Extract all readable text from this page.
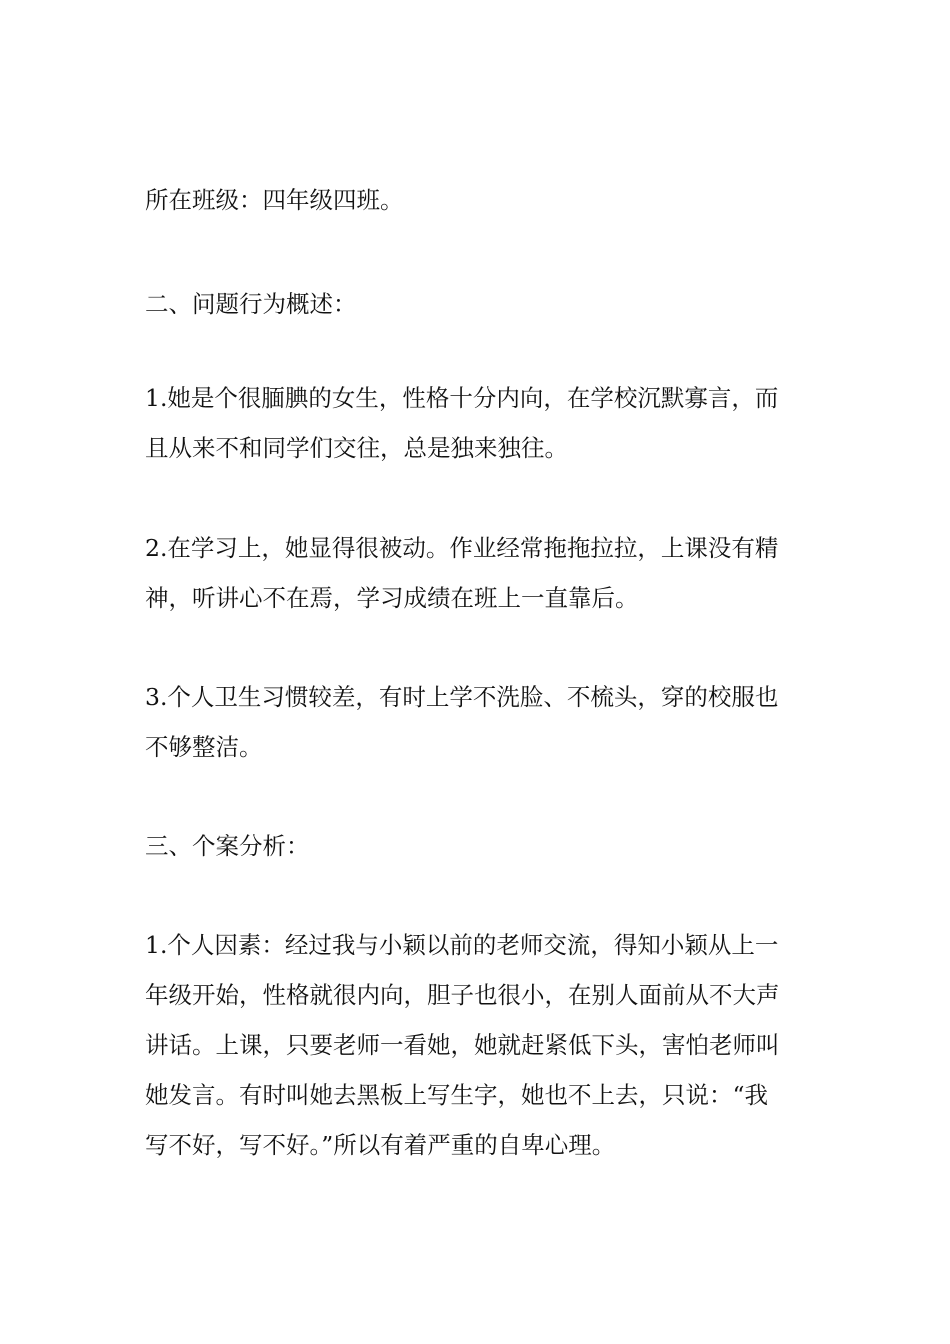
所在班级：四年级四班。

二、问题行为概述：

1.她是个很腼腆的女生，性格十分内向，在学校沉默寡言，而
且从来不和同学们交往，总是独来独往。

2.在学习上，她显得很被动。作业经常拖拖拉拉，上课没有精
神，听讲心不在焉，学习成绩在班上一直靠后。

3.个人卫生习惯较差，有时上学不洗脸、不梳头，穿的校服也
不够整洁。

三、个案分析：

1.个人因素：经过我与小颖以前的老师交流，得知小颖从上一
年级开始，性格就很内向，胆子也很小，在别人面前从不大声
讲话。上课，只要老师一看她，她就赶紧低下头，害怕老师叫
她发言。有时叫她去黑板上写生字，她也不上去，只说：“我
写不好，写不好。”所以有着严重的自卑心理。
